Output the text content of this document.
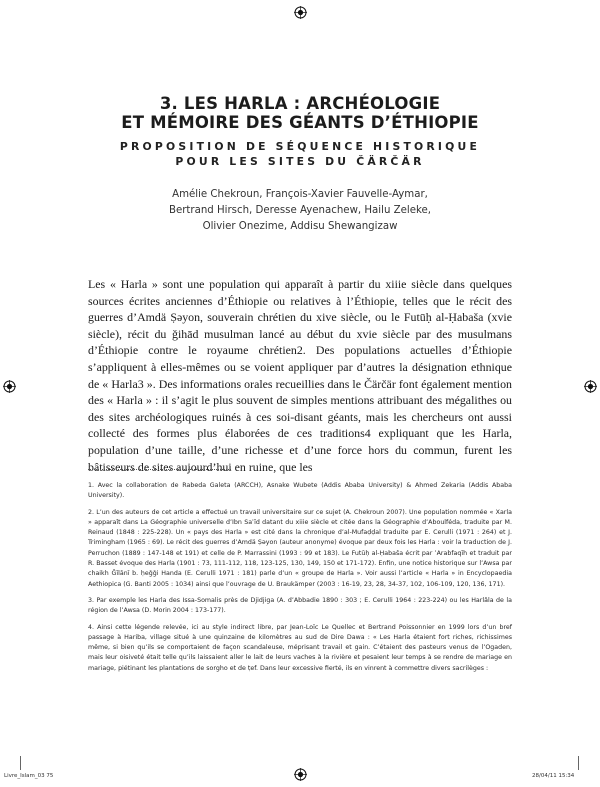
3. LES HARLA : ARCHÉOLOGIE
ET MÉMOIRE DES GÉANTS D’ÉTHIOPIE
PROPOSITION DE SÉQUENCE HISTORIQUE
POUR LES SITES DU ČÄRČÄR
Amélie Chekroun, François-Xavier Fauvelle-Aymar,
Bertrand Hirsch, Deresse Ayenachew, Hailu Zeleke,
Olivier Onezime, Addisu Shewangizaw

Les « Harla » sont une population qui apparaît à partir du xiiie siècle dans quelques sources écrites anciennes d’Éthiopie ou relatives à l’Éthiopie, telles que le récit des guerres d’Amdä Ṣəyon, souverain chrétien du xive siècle, ou le Futūḥ al-Ḥabaša (xvie siècle), récit du ǧihād musulman lancé au début du xvie siècle par des musulmans d’Éthiopie contre le royaume chrétien2. Des populations actuelles d’Éthiopie s’appliquent à elles-mêmes ou se voient appliquer par d’autres la désignation ethnique de « Harla3 ». Des informations orales recueillies dans le Čärčär font également mention des « Harla » : il s’agit le plus souvent de simples mentions attribuant des mégalithes ou des sites archéologiques ruinés à ces soi-disant géants, mais les chercheurs ont aussi collecté des formes plus élaborées de ces traditions4 expliquant que les Harla, population d’une taille, d’une richesse et d’une force hors du commun, furent les bâtisseurs de sites aujourd’hui en ruine, que les

1. Avec la collaboration de Rabeda Galeta (ARCCH), Asnake Wubete (Addis Ababa University) & Ahmed Zekaria (Addis Ababa University).

2. L’un des auteurs de cet article a effectué un travail universitaire sur ce sujet (A. Chekroun 2007). Une population nommée « Xarla » apparaît dans La Géographie universelle d’Ibn Saʿīd datant du xiiie siècle et citée dans la Géographie d’Aboulféda, traduite par M. Reinaud (1848 : 225-228). Un « pays des Harla » est cité dans la chronique d’al-Mufaḍḍal traduite par E. Cerulli (1971 : 264) et J. Trimingham (1965 : 69). Le récit des guerres d’Amdä Ṣəyon (auteur anonyme) évoque par deux fois les Harla : voir la traduction de J. Perruchon (1889 : 147-148 et 191) et celle de P. Marrassini (1993 : 99 et 183). Le Futūḥ al-Ḥabaša écrit par ʿArabfaqīh et traduit par R. Basset évoque des Harla (1901 : 73, 111-112, 118, 123-125, 130, 149, 150 et 171-172). Enfin, une notice historique sur l’Awsa par chaikh Ǧīlānī b. ḥeǧǧi Handa (E. Cerulli 1971 : 181) parle d’un « groupe de Harla ». Voir aussi l’article « Harla » in Encyclopaedia Aethiopica (G. Banti 2005 : 1034) ainsi que l’ouvrage de U. Braukämper (2003 : 16-19, 23, 28, 34-37, 102, 106-109, 120, 136, 171).

3. Par exemple les Harla des Issa-Somalis près de Djidjiga (A. d’Abbadie 1890 : 303 ; E. Cerulli 1964 : 223-224) ou les Harlâla de la région de l’Awsa (D. Morin 2004 : 173-177).

4. Ainsi cette légende relevée, ici au style indirect libre, par Jean-Loïc Le Quellec et Bertrand Poissonnier en 1999 lors d’un bref passage à Hariba, village situé à une quinzaine de kilomètres au sud de Dire Dawa : « Les Harla étaient fort riches, richissimes même, si bien qu’ils se comportaient de façon scandaleuse, méprisant travail et gain. C’étaient des pasteurs venus de l’Ogaden, mais leur oisiveté était telle qu’ils laissaient aller le lait de leurs vaches à la rivière et pesaient leur temps à se rendre de mariage en mariage, piétinant les plantations de sorgho et de ṭef. Dans leur excessive fierté, ils en vinrent à commettre divers sacrilèges :

Livre_Islam_03 75	28/04/11 15:34
